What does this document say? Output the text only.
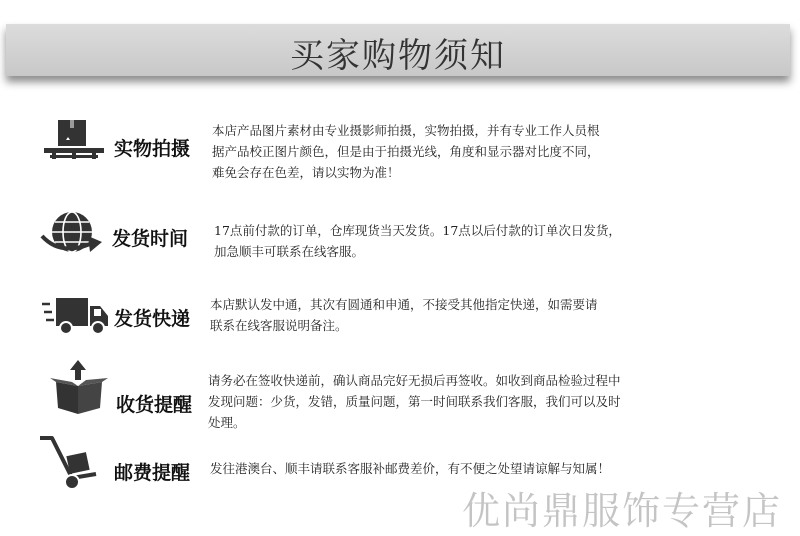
买家购物须知
实物拍摄
本店产品图片素材由专业摄影师拍摄，实物拍摄，并有专业工作人员根
据产品校正图片颜色，但是由于拍摄光线，角度和显示器对比度不同，
难免会存在色差，请以实物为准！
发货时间 17点前付款的订单，仓库现货当天发货。17点以后付款的订单次日发货，
加急顺丰可联系在线客服。
发货快递
本店默认发中通，其次有圆通和申通，不接受其他指定快递，如需要请
联系在线客服说明备注。
收货提醒
请务必在签收快递前，确认商品完好无损后再签收。如收到商品检验过程中
发现问题：少货，发错，质量问题，第一时间联系我们客服，我们可以及时
处理。
邮费提醒 发往港澳台、顺丰请联系客服补邮费差价，有不便之处望请谅解与知属！
优尚鼎服饰专营店
